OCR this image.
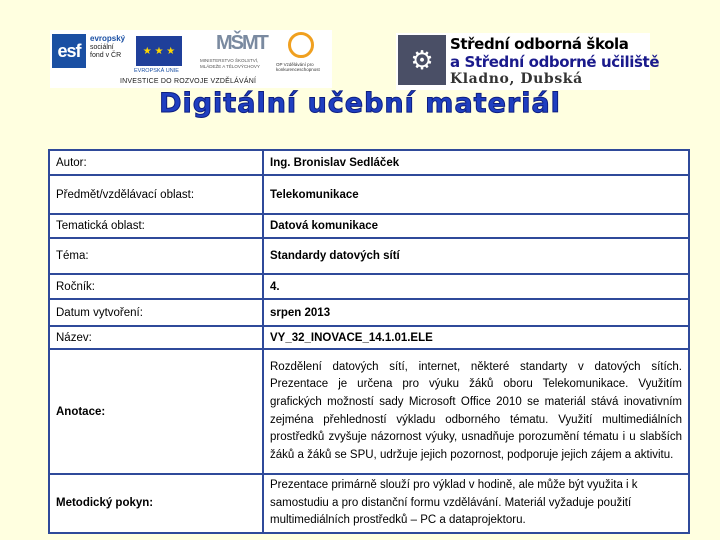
esf
evropský
sociální
fond v ČR	★ ★ ★
EVROPSKÁ UNIE
MŠMT
MINISTERSTVO ŠKOLSTVÍ, MLÁDEŽE A TĚLOVÝCHOVY	OP Vzdělávání pro konkurenceschopnost
INVESTICE DO ROZVOJE VZDĚLÁVÁNÍ
⚙
Střední odborná škola
a Střední odborné učiliště
Kladno, Dubská
Digitální učební materiál
Autor:	Ing. Bronislav Sedláček
Předmět/vzdělávací oblast:	Telekomunikace
Tematická oblast:	Datová komunikace
Téma:	Standardy datových sítí
Ročník:	4.
Datum vytvoření:	srpen 2013
Název:	VY_32_INOVACE_14.1.01.ELE
Anotace:	Rozdělení datových sítí, internet, některé standarty v datových sítích. Prezentace je určena pro výuku žáků oboru Telekomunikace. Využitím grafických možností sady Microsoft Office 2010 se materiál stává inovativním zejména přehledností výkladu odborného tématu. Využití multimediálních prostředků zvyšuje názornost výuky, usnadňuje porozumění tématu i u slabších žáků a žáků se SPU, udržuje jejich pozornost, podporuje jejich zájem a aktivitu.
Metodický pokyn:	Prezentace primárně slouží pro výklad v hodině, ale může být využita i k samostudiu a pro distanční formu vzdělávání. Materiál vyžaduje použití multimediálních prostředků – PC a dataprojektoru.
